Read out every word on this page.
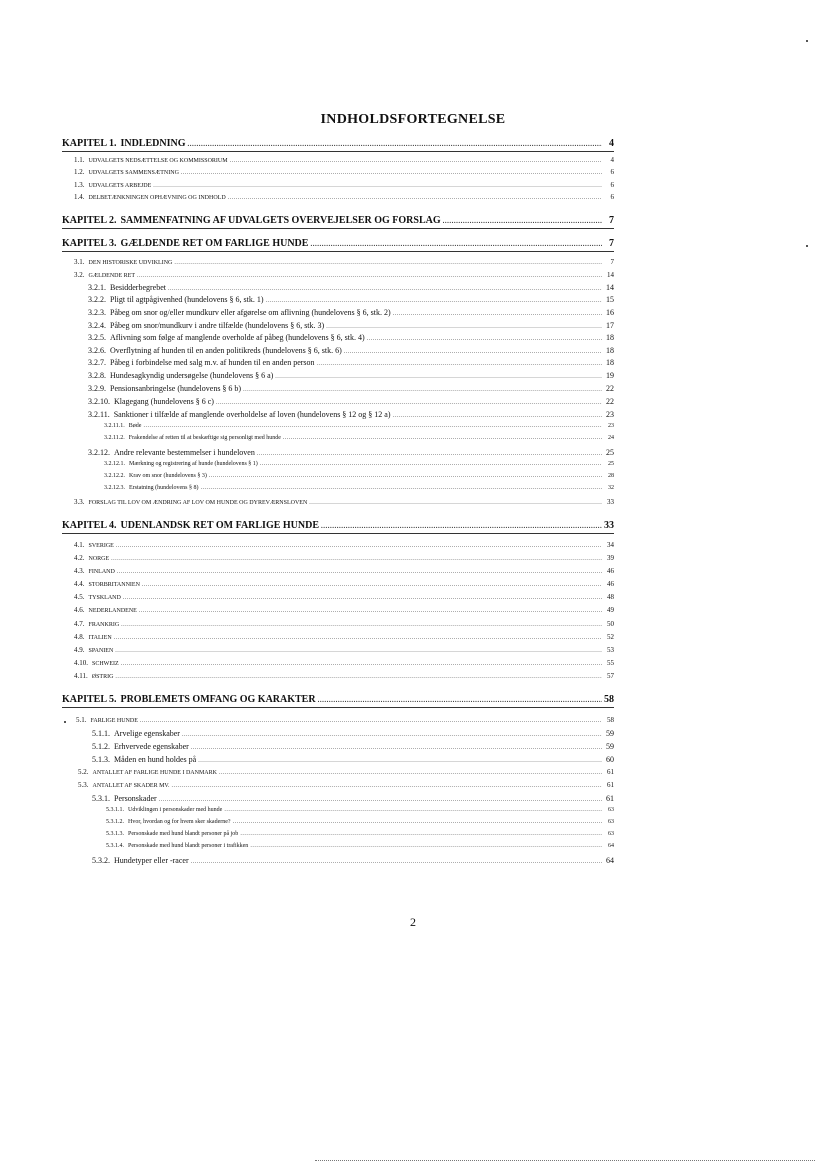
INDHOLDSFORTEGNELSE
KAPITEL 1. INDLEDNING .....	4
1.1. UDVALGETS NEDSÆTTELSE OG KOMMISSORIUM .....	4
1.2. UDVALGETS SAMMENSÆTNING .....	6
1.3. UDVALGETS ARBEJDE .....	6
1.4. DELBETÆNKNINGEN OPHÆVNING OG INDHOLD .....	6
KAPITEL 2. SAMMENFATNING AF UDVALGETS OVERVEJELSER OG FORSLAG .....	7
KAPITEL 3. GÆLDENDE RET OM FARLIGE HUNDE .....	7
3.1. DEN HISTORISKE UDVIKLING .....	7
3.2. GÆLDENDE RET .....	14
3.2.1. Besidderbegrebet .....	14
3.2.2. Pligt til agtpågivenhed (hundelovens § 6, stk. 1) .....	15
3.2.3. Påbeg om snor og/eller mundkurv eller afgørelse om aflivning (hundelovens § 6, stk. 2) .....	16
3.2.4. Påbeg om snor/mundkurv i andre tilfælde (hundelovens § 6, stk. 3) .....	17
3.2.5. Aflivning som følge af manglende overholde af påbeg (hundelovens § 6, stk. 4) .....	18
3.2.6. Overflytning af hunden til en anden politikreds (hundelovens § 6, stk. 6) .....	18
3.2.7. Påbeg i forbindelse med salg m.v. af hunden til en anden person .....	18
3.2.8. Hundesagkyndig undersøgelse (hundelovens § 6 a) .....	19
3.2.9. Pensionsanbringelse (hundelovens § 6 b) .....	22
3.2.10. Klagegang (hundelovens § 6 c) .....	22
3.2.11. Sanktioner i tilfælde af manglende overholdelse af loven (hundelovens § 12 og § 12 a) .....	23
3.2.11.1. Bøde .....	23
3.2.11.2. Frakendelse af retten til at beskæftige sig personligt med hunde .....	24
3.2.12. Andre relevante bestemmelser i hundeloven .....	25
3.2.12.1. Mærkning og registrering af hunde (hundelovens § 1) .....	25
3.2.12.2. Krav om snor (hundelovens § 3) .....	28
3.2.12.3. Erstatning (hundelovens § 8) .....	32
3.3. FORSLAG TIL LOV OM ÆNDRING AF LOV OM HUNDE OG DYREVÆRNSLOVEN .....	33
KAPITEL 4. UDENLANDSK RET OM FARLIGE HUNDE .....	33
4.1. SVERIGE .....	34
4.2. NORGE .....	39
4.3. FINLAND .....	46
4.4. STORBRITANNIEN .....	46
4.5. TYSKLAND .....	48
4.6. NEDERLANDENE .....	49
4.7. FRANKRIG .....	50
4.8. ITALIEN .....	52
4.9. SPANIEN .....	53
4.10. SCHWEIZ .....	55
4.11. ØSTRIG .....	57
KAPITEL 5. PROBLEMETS OMFANG OG KARAKTER .....	58
5.1. FARLIGE HUNDE .....	58
5.1.1. Arvelige egenskaber .....	59
5.1.2. Erhvervede egenskaber .....	59
5.1.3. Måden en hund holdes på .....	60
5.2. ANTALLET AF FARLIGE HUNDE I DANMARK .....	61
5.3. ANTALLET AF SKADER MV. .....	61
5.3.1. Personskader .....	61
5.3.1.1. Udviklingen i personskader med hunde .....	63
5.3.1.2. Hvor, hvordan og for hvem sker skaderne? .....	63
5.3.1.3. Personskade med hund blandt personer på job .....	63
5.3.1.4. Personskade med hund blandt personer i trafikken .....	64
5.3.2. Hundetyper eller -racer .....	64
2
